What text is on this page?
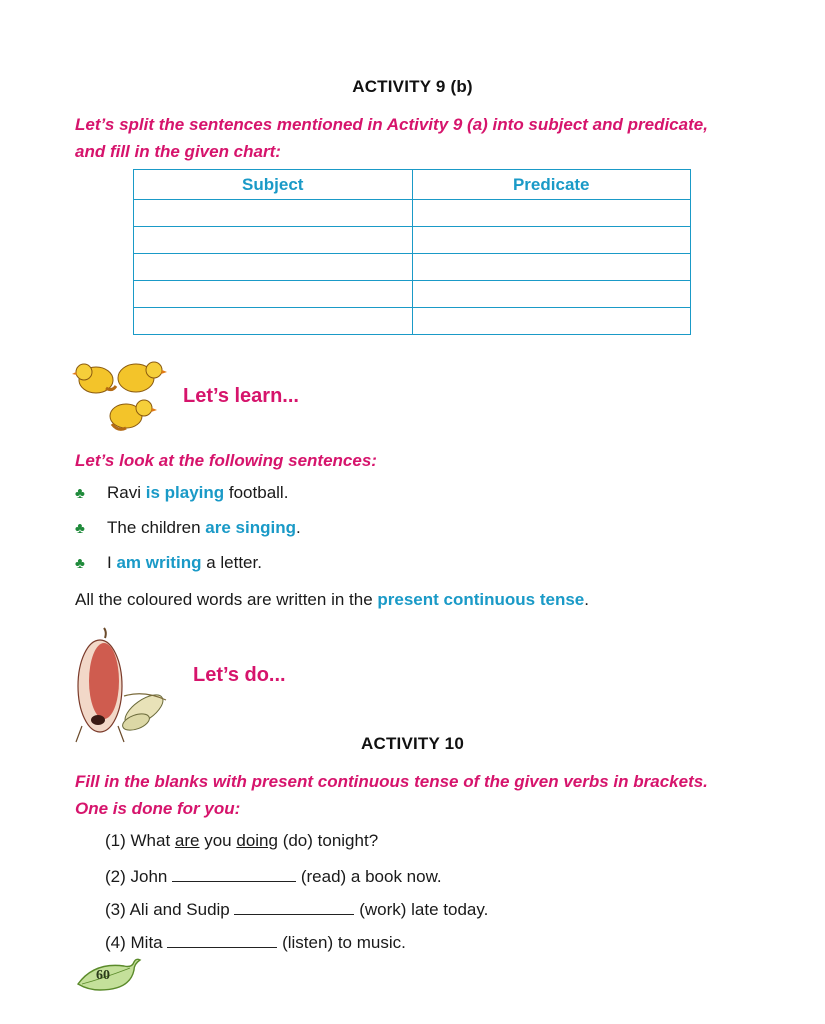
ACTIVITY 9 (b)
Let’s split the sentences mentioned in Activity 9 (a) into subject and predicate,
and fill in the given chart:
Subject	Predicate

Let’s learn...
Let’s look at the following sentences:
♣ Ravi is playing football.
♣ The children are singing.
♣ I am writing a letter.
All the coloured words are written in the present continuous tense.
Let’s do...
ACTIVITY 10
Fill in the blanks with present continuous tense of the given verbs in brackets.
One is done for you:
(1) What are you doing (do) tonight?
(2) John	(read) a book now.
(3) Ali and Sudip	(work) late today.
(4) Mita	(listen) to music.
60
